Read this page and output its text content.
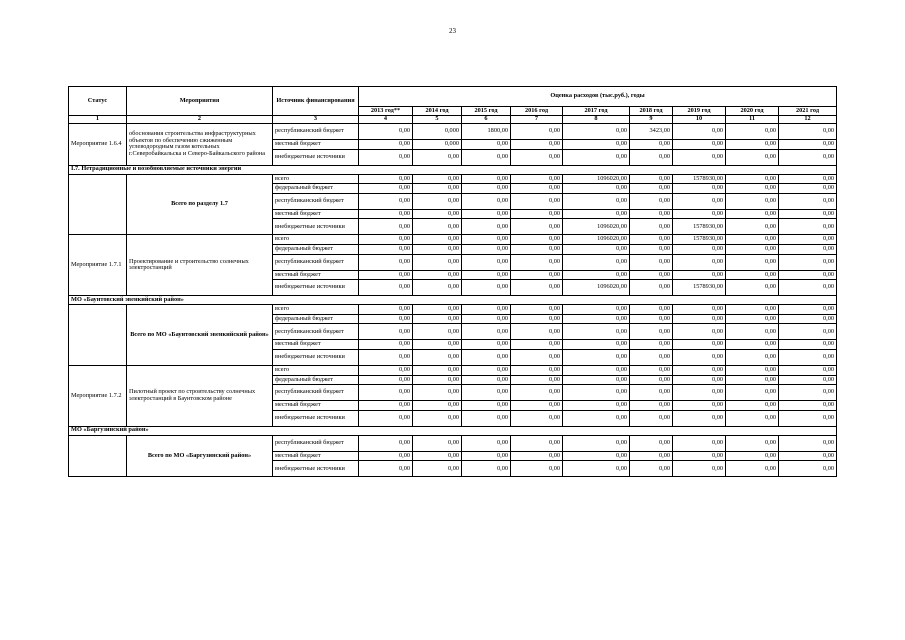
23
Статус	Мероприятия	Источник финансирования	Оценка расходов (тыс.руб.), годы								
			2013 год**	2014 год	2015 год	2016 год	2017 год	2018 год	2019 год	2020 год	2021 год
1	2	3	4	5	6	7	8	9	10	11	12
Мероприятие 1.6.4	обоснования строительства инфраструктурных объектов по обеспечению сжиженным углеводородным газом котельных г.Северобайкальска и Северо-Байкальского района	республиканский бюджет	0,00	0,000	1800,00	0,00	0,00	3423,00	0,00	0,00	0,00
		местный бюджет	0,00	0,000	0,00	0,00	0,00	0,00	0,00	0,00	0,00
		внебюджетные источники	0,00	0,00	0,00	0,00	0,00	0,00	0,00	0,00	0,00
I.7. Нетрадиционные и возобновляемые источники энергии											
	Всего по разделу 1.7	всего	0,00	0,00	0,00	0,00	1096020,00	0,00	1578930,00	0,00	0,00
		федеральный бюджет	0,00	0,00	0,00	0,00	0,00	0,00	0,00	0,00	0,00
		республиканский бюджет	0,00	0,00	0,00	0,00	0,00	0,00	0,00	0,00	0,00
		местный бюджет	0,00	0,00	0,00	0,00	0,00	0,00	0,00	0,00	0,00
		внебюджетные источники	0,00	0,00	0,00	0,00	1096020,00	0,00	1578930,00	0,00	0,00
Мероприятие 1.7.1	Проектирование и строительство солнечных электростанций	всего	0,00	0,00	0,00	0,00	1096020,00	0,00	1578930,00	0,00	0,00
		федеральный бюджет	0,00	0,00	0,00	0,00	0,00	0,00	0,00	0,00	0,00
		республиканский бюджет	0,00	0,00	0,00	0,00	0,00	0,00	0,00	0,00	0,00
		местный бюджет	0,00	0,00	0,00	0,00	0,00	0,00	0,00	0,00	0,00
		внебюджетные источники	0,00	0,00	0,00	0,00	1096020,00	0,00	1578930,00	0,00	0,00
МО «Баунтовский эвенкийский район»											
	Всего по МО «Баунтовский эвенкийский район»	всего	0,00	0,00	0,00	0,00	0,00	0,00	0,00	0,00	0,00
		федеральный бюджет	0,00	0,00	0,00	0,00	0,00	0,00	0,00	0,00	0,00
		республиканский бюджет	0,00	0,00	0,00	0,00	0,00	0,00	0,00	0,00	0,00
		местный бюджет	0,00	0,00	0,00	0,00	0,00	0,00	0,00	0,00	0,00
		внебюджетные источники	0,00	0,00	0,00	0,00	0,00	0,00	0,00	0,00	0,00
Мероприятие 1.7.2	Пилотный проект по строительству солнечных электростанций в Баунтовском районе	всего	0,00	0,00	0,00	0,00	0,00	0,00	0,00	0,00	0,00
		федеральный бюджет	0,00	0,00	0,00	0,00	0,00	0,00	0,00	0,00	0,00
		республиканский бюджет	0,00	0,00	0,00	0,00	0,00	0,00	0,00	0,00	0,00
		местный бюджет	0,00	0,00	0,00	0,00	0,00	0,00	0,00	0,00	0,00
		внебюджетные источники	0,00	0,00	0,00	0,00	0,00	0,00	0,00	0,00	0,00
МО «Баргузинский район»											
	Всего по МО «Баргузинский район»	республиканский бюджет	0,00	0,00	0,00	0,00	0,00	0,00	0,00	0,00	0,00
		местный бюджет	0,00	0,00	0,00	0,00	0,00	0,00	0,00	0,00	0,00
		внебюджетные источники	0,00	0,00	0,00	0,00	0,00	0,00	0,00	0,00	0,00
